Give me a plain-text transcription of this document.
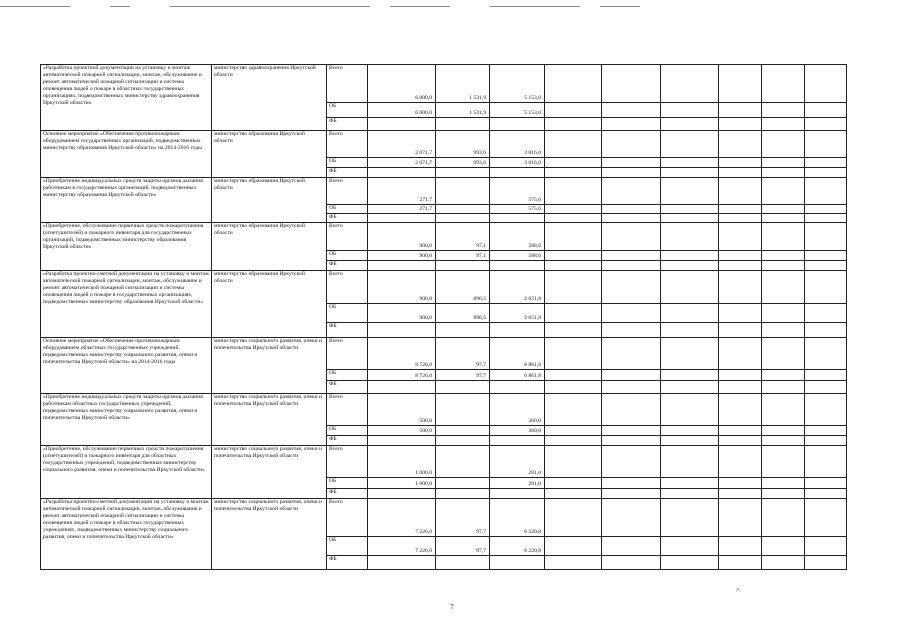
«Разработка проектной документации на установку и монтаж автоматической пожарной сигнализации, монтаж, обслуживание и ремонт автоматической пожарной сигнализации и системы оповещения людей о пожаре в областных государственных организациях, подведомственных министерству здравоохранения Иркутской области»	министерство здравоохранения Иркутской области	Всего	6 000,0	1 531,9	5 153,0						
		ОБ	6 000,0	1 531,9	5 153,0						
		ФБ									
Основное мероприятие «Обеспечение противопожарным оборудованием государственных организаций, подведомственных министерству образования Иркутской области» на 2014-2016 годы	министерство образования Иркутской области	Всего	2 071,7	993,6	3 816,0						
		ОБ	2 071,7	993,6	3 816,0						
		ФБ									
«Приобретение индивидуальных средств защиты органов дыхания работникам в государственных организаций, подведомственных министерству образования Иркутской области»	министерство образования Иркутской области	Всего	271,7		575,6						
		ОБ	271,7		575,6						
		ФБ									
«Приобретение, обслуживание первичных средств пожаротушения (огнетушителей) и пожарного инвентаря для государственных организаций, подведомственных министерству образования Иркутской области»	министерство образования Иркутской области	Всего	900,0	97,1	588,6						
		ОБ	900,0	97,1	588,6						
		ФБ									
«Разработка проектно-сметной документации на установку и монтаж автоматической пожарной сигнализации, монтаж, обслуживание и ремонт автоматической пожарной сигнализации и системы оповещения людей о пожаре в государственных организациях, подведомственных министерству образования Иркутской области»	министерство образования Иркутской области	Всего	900,0	896,5	2 651,8						
		ОБ	900,0	896,5	2 651,8						
		ФБ									
Основное мероприятие «Обеспечение противопожарным оборудованием областных государственных учреждений, подведомственных министерству социального развития, опеки и попечительства Иркутской области» на 2014-2016 годы	министерство социального развития, опеки и попечительства Иркутской области	Всего	8 726,0	97,7	6 861,8						
		ОБ	8 726,0	97,7	6 861,8						
		ФБ									
«Приобретение индивидуальных средств защиты органов дыхания работникам областных государственных учреждений, подведомственных министерству социального развития, опеки и попечительства Иркутской области»	министерство социального развития, опеки и попечительства Иркутской области	Всего	500,0		360,0						
		ОБ	500,0		360,0						
		ФБ									
«Приобретение, обслуживание первичных средств пожаротушения (огнетушителей) и пожарного инвентаря для областных государственных учреждений, подведомственных министерству социального развития, опеки и попечительства Иркутской области»	министерство социального развития, опеки и попечительства Иркутской области	Всего	1 000,0		281,0						
		ОБ	1 000,0		281,0						
		ФБ									
«Разработка проектно-сметной документации на установку и монтаж автоматической пожарной сигнализации, монтаж, обслуживание и ремонт автоматической пожарной сигнализации и системы оповещения людей о пожаре в областных государственных учреждениях, подведомственных министерству социального развития, опеки и попечительства Иркутской области»	министерство социального развития, опеки и попечительства Иркутской области	Всего	7 226,0	97,7	6 220,8						
		ОБ	7 226,0	97,7	6 220,8						
		ФБ									
˄
7
